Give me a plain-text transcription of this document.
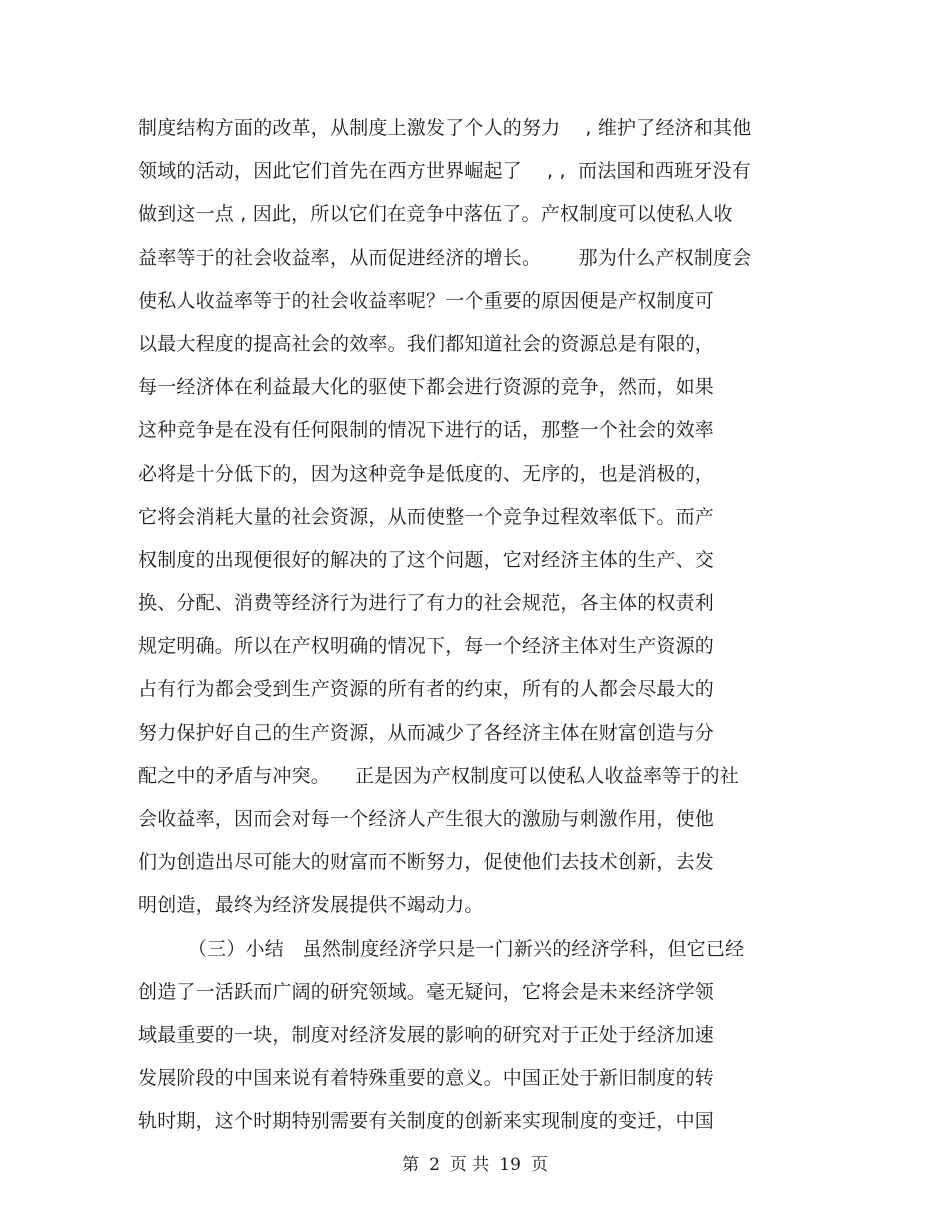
制度结构方面的改革，从制度上激发了个人的努力    , 维护了经济和其他
领域的活动，因此它们首先在西方世界崛起了    , ,  而法国和西班牙没有
做到这一点 , 因此，所以它们在竞争中落伍了。产权制度可以使私人收
益率等于的社会收益率，从而促进经济的增长。      那为什么产权制度会
使私人收益率等于的社会收益率呢？一个重要的原因便是产权制度可
以最大程度的提高社会的效率。我们都知道社会的资源总是有限的，
每一经济体在利益最大化的驱使下都会进行资源的竞争，然而，如果
这种竞争是在没有任何限制的情况下进行的话，那整一个社会的效率
必将是十分低下的，因为这种竞争是低度的、无序的，也是消极的，
它将会消耗大量的社会资源，从而使整一个竞争过程效率低下。而产
权制度的出现便很好的解决的了这个问题，它对经济主体的生产、交
换、分配、消费等经济行为进行了有力的社会规范，各主体的权责利
规定明确。所以在产权明确的情况下，每一个经济主体对生产资源的
占有行为都会受到生产资源的所有者的约束，所有的人都会尽最大的
努力保护好自己的生产资源，从而减少了各经济主体在财富创造与分
配之中的矛盾与冲突。    正是因为产权制度可以使私人收益率等于的社
会收益率，因而会对每一个经济人产生很大的激励与刺激作用，使他
们为创造出尽可能大的财富而不断努力，促使他们去技术创新，去发
明创造，最终为经济发展提供不竭动力。
（三）小结   虽然制度经济学只是一门新兴的经济学科，但它已经
创造了一活跃而广阔的研究领域。毫无疑问，它将会是未来经济学领
域最重要的一块，制度对经济发展的影响的研究对于正处于经济加速
发展阶段的中国来说有着特殊重要的意义。中国正处于新旧制度的转
轨时期，这个时期特别需要有关制度的创新来实现制度的变迁，中国
第 2 页 共 19 页
